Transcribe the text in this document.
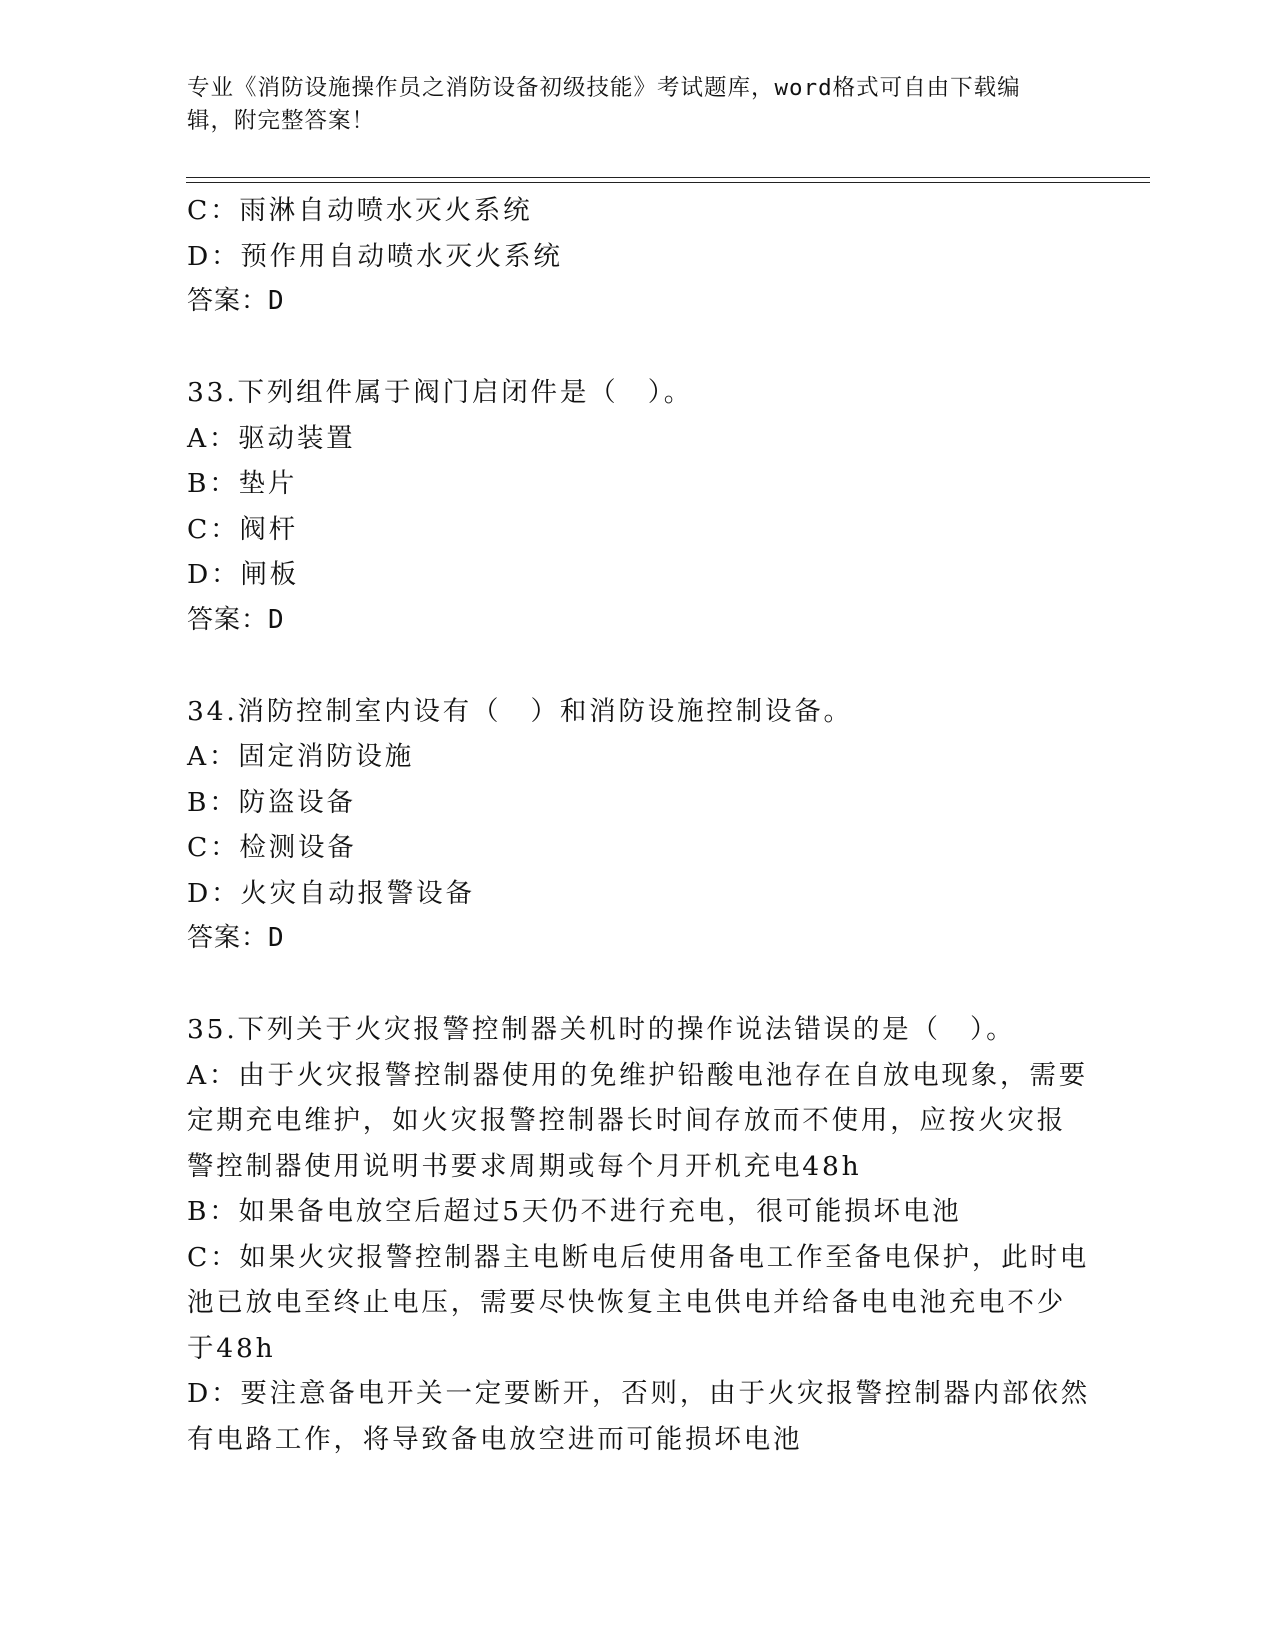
专业《消防设施操作员之消防设备初级技能》考试题库，word格式可自由下载编
辑，附完整答案！
C：雨淋自动喷水灭火系统
D：预作用自动喷水灭火系统
答案：D
33.下列组件属于阀门启闭件是（　）。
A：驱动装置
B：垫片
C：阀杆
D：闸板
答案：D
34.消防控制室内设有（　）和消防设施控制设备。
A：固定消防设施
B：防盗设备
C：检测设备
D：火灾自动报警设备
答案：D
35.下列关于火灾报警控制器关机时的操作说法错误的是（　）。
A：由于火灾报警控制器使用的免维护铅酸电池存在自放电现象，需要
定期充电维护，如火灾报警控制器长时间存放而不使用，应按火灾报
警控制器使用说明书要求周期或每个月开机充电48h
B：如果备电放空后超过5天仍不进行充电，很可能损坏电池
C：如果火灾报警控制器主电断电后使用备电工作至备电保护，此时电
池已放电至终止电压，需要尽快恢复主电供电并给备电电池充电不少
于48h
D：要注意备电开关一定要断开，否则，由于火灾报警控制器内部依然
有电路工作，将导致备电放空进而可能损坏电池
